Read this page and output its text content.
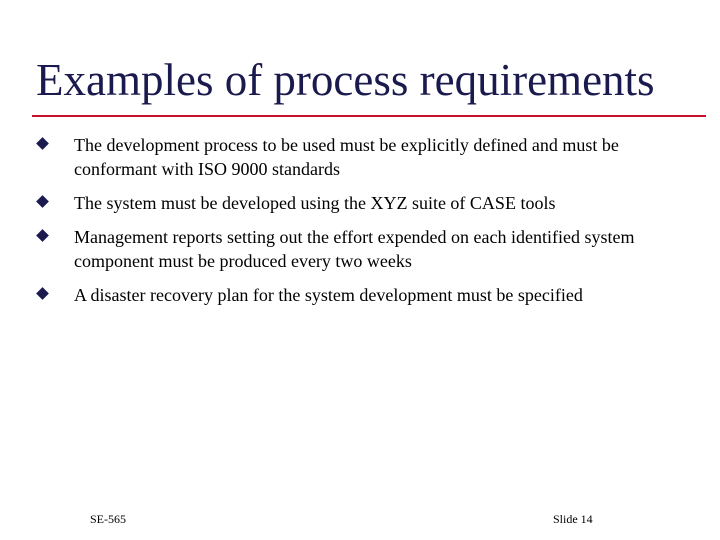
Examples of process requirements
The development process to be used must be explicitly defined and must be conformant with ISO 9000 standards
The system must be developed using the XYZ suite of CASE tools
Management reports setting out the effort expended on each identified system component must be produced every two weeks
A disaster recovery plan for the system development must be specified
SE-565	Slide 14
